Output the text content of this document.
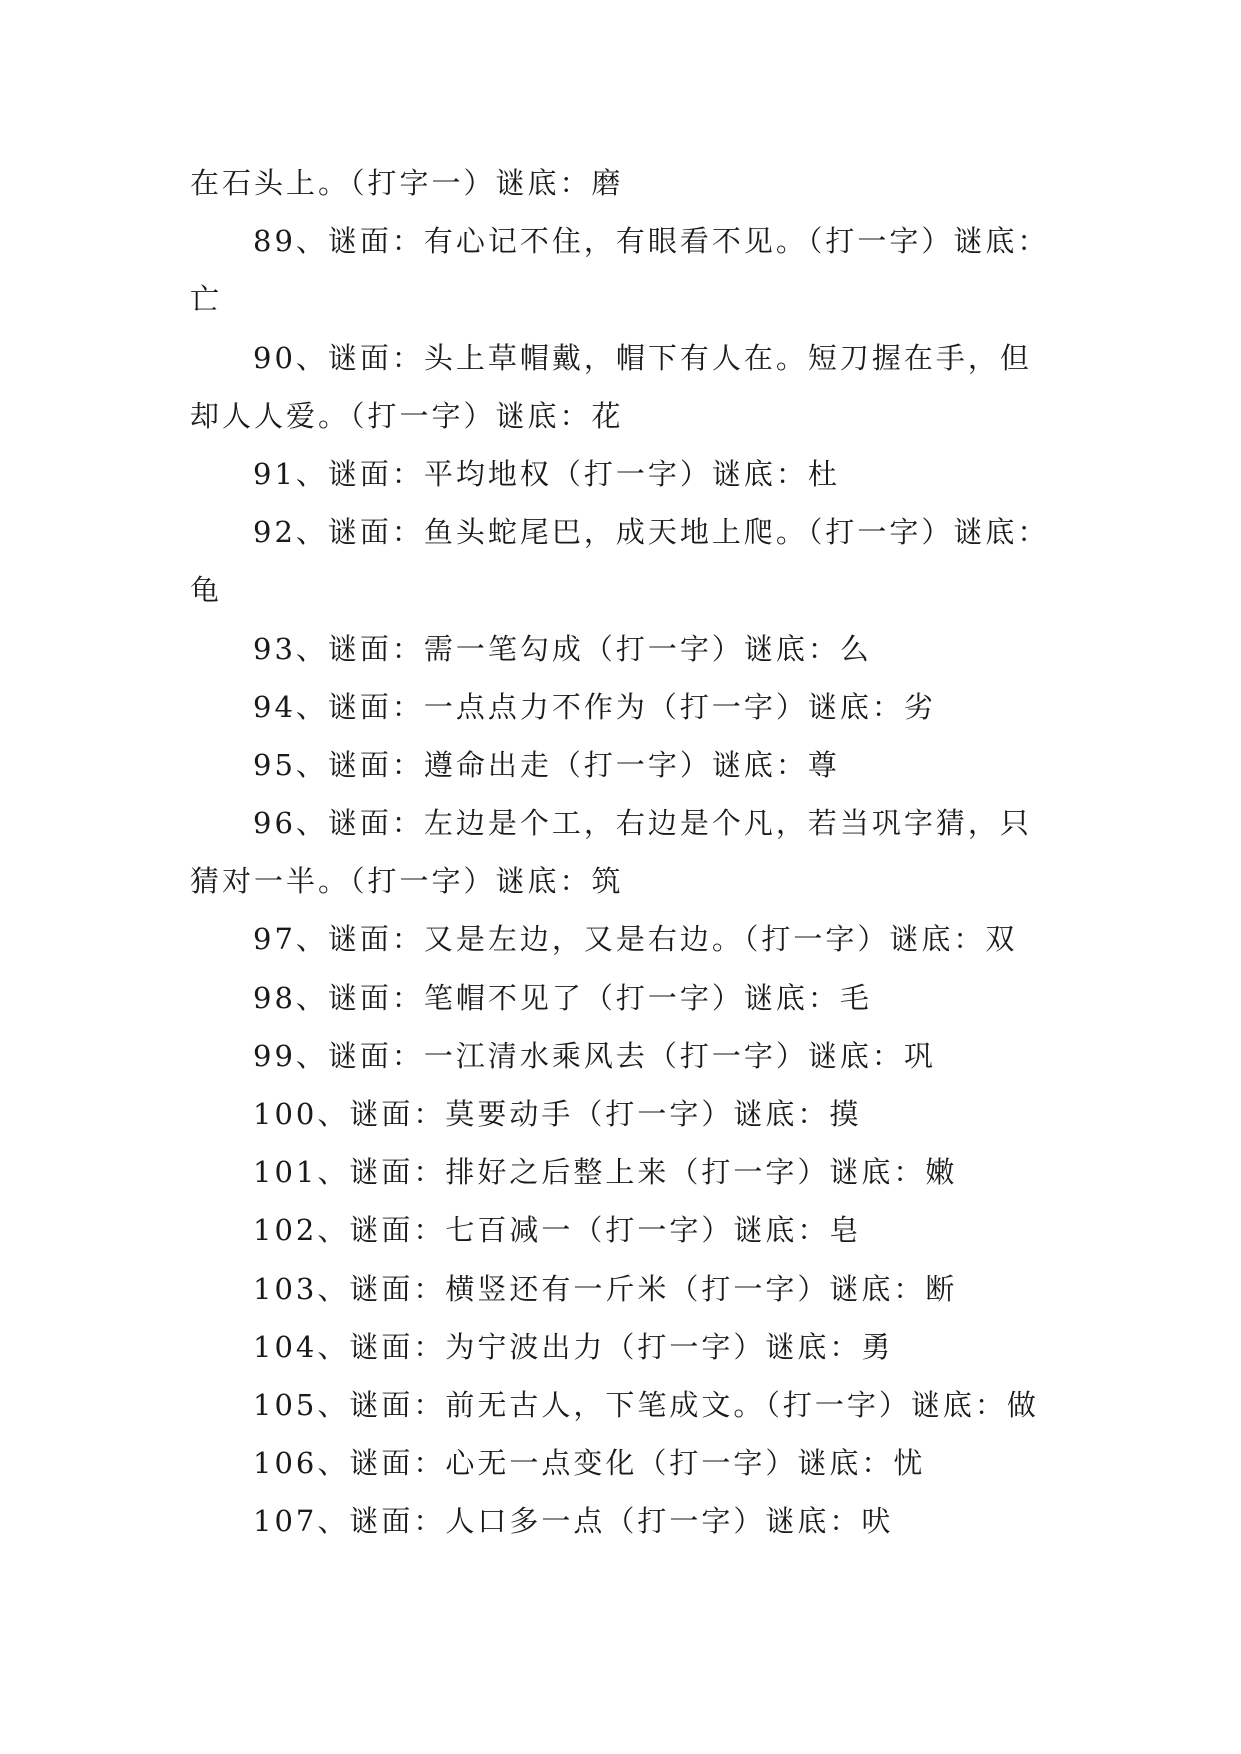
在石头上。（打字一）谜底：磨
89、谜面：有心记不住，有眼看不见。（打一字）谜底：
亡
90、谜面：头上草帽戴，帽下有人在。短刀握在手，但
却人人爱。（打一字）谜底：花
91、谜面：平均地权（打一字）谜底：杜
92、谜面：鱼头蛇尾巴，成天地上爬。（打一字）谜底：
龟
93、谜面：需一笔勾成（打一字）谜底：么
94、谜面：一点点力不作为（打一字）谜底：劣
95、谜面：遵命出走（打一字）谜底：尊
96、谜面：左边是个工，右边是个凡，若当巩字猜，只
猜对一半。（打一字）谜底：筑
97、谜面：又是左边，又是右边。（打一字）谜底：双
98、谜面：笔帽不见了（打一字）谜底：毛
99、谜面：一江清水乘风去（打一字）谜底：巩
100、谜面：莫要动手（打一字）谜底：摸
101、谜面：排好之后整上来（打一字）谜底：嫩
102、谜面：七百减一（打一字）谜底：皂
103、谜面：横竖还有一斤米（打一字）谜底：断
104、谜面：为宁波出力（打一字）谜底：勇
105、谜面：前无古人，下笔成文。（打一字）谜底：做
106、谜面：心无一点变化（打一字）谜底：忧
107、谜面：人口多一点（打一字）谜底：吠
